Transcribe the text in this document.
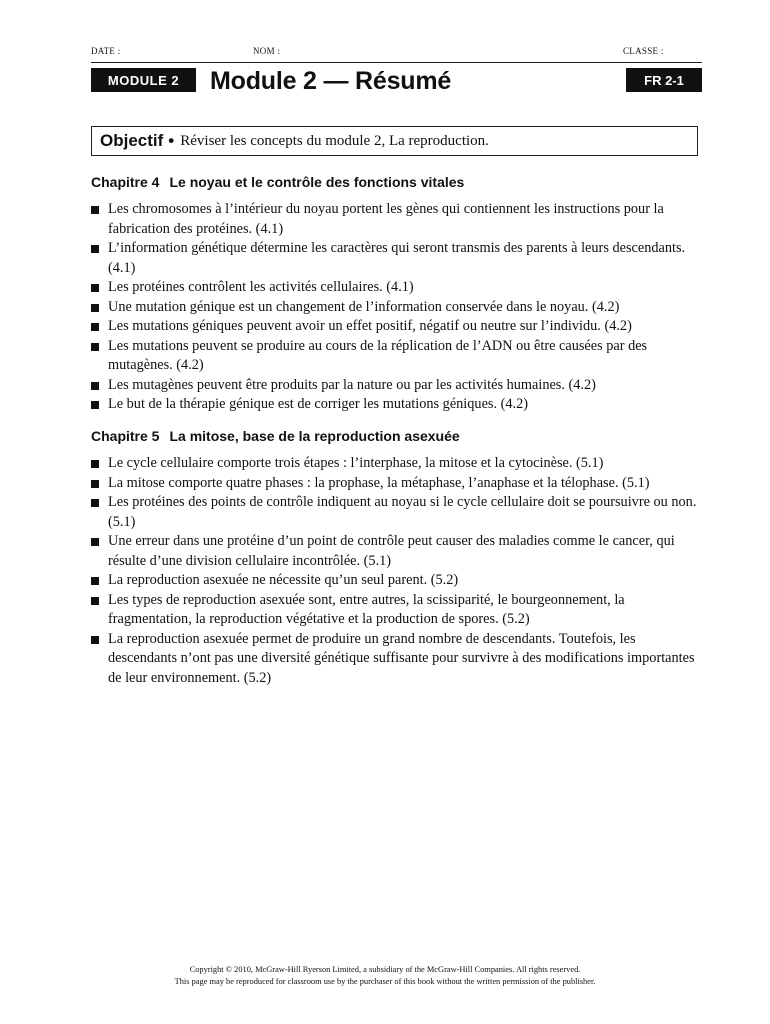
DATE :	NOM :	CLASSE :
MODULE 2	Module 2 — Résumé	FR 2-1
Objectif • Réviser les concepts du module 2, La reproduction.
Chapitre 4 Le noyau et le contrôle des fonctions vitales
Les chromosomes à l’intérieur du noyau portent les gènes qui contiennent les instructions pour la fabrication des protéines. (4.1)
L’information génétique détermine les caractères qui seront transmis des parents à leurs descendants. (4.1)
Les protéines contrôlent les activités cellulaires. (4.1)
Une mutation génique est un changement de l’information conservée dans le noyau. (4.2)
Les mutations géniques peuvent avoir un effet positif, négatif ou neutre sur l’individu. (4.2)
Les mutations peuvent se produire au cours de la réplication de l’ADN ou être causées par des mutagènes. (4.2)
Les mutagènes peuvent être produits par la nature ou par les activités humaines. (4.2)
Le but de la thérapie génique est de corriger les mutations géniques. (4.2)
Chapitre 5 La mitose, base de la reproduction asexuée
Le cycle cellulaire comporte trois étapes : l’interphase, la mitose et la cytocinèse. (5.1)
La mitose comporte quatre phases : la prophase, la métaphase, l’anaphase et la télophase. (5.1)
Les protéines des points de contrôle indiquent au noyau si le cycle cellulaire doit se poursuivre ou non. (5.1)
Une erreur dans une protéine d’un point de contrôle peut causer des maladies comme le cancer, qui résulte d’une division cellulaire incontrôlée. (5.1)
La reproduction asexuée ne nécessite qu’un seul parent. (5.2)
Les types de reproduction asexuée sont, entre autres, la scissiparité, le bourgeonnement, la fragmentation, la reproduction végétative et la production de spores. (5.2)
La reproduction asexuée permet de produire un grand nombre de descendants. Toutefois, les descendants n’ont pas une diversité génétique suffisante pour survivre à des modifications importantes de leur environnement. (5.2)
Copyright © 2010, McGraw-Hill Ryerson Limited, a subsidiary of the McGraw-Hill Companies. All rights reserved.
This page may be reproduced for classroom use by the purchaser of this book without the written permission of the publisher.
